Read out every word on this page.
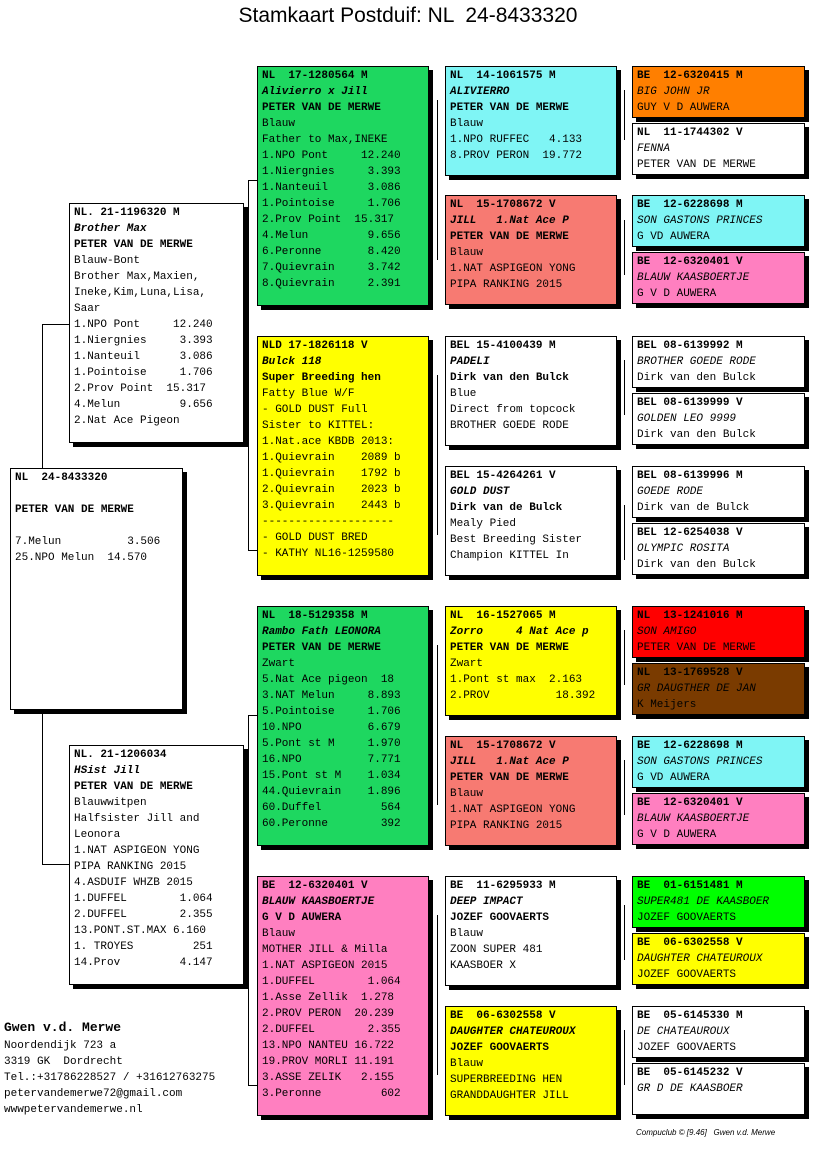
Stamkaart Postduif: NL  24-8433320
NL  24-8433320
PETER VAN DE MERWE
7.Melun          3.506
25.NPO Melun  14.570
NL. 21-1196320 M
Brother Max
PETER VAN DE MERWE
Blauw-Bont
Brother Max,Maxien,
Ineke,Kim,Luna,Lisa,
Saar
1.NPO Pont     12.240
1.Niergnies     3.393
1.Nanteuil      3.086
1.Pointoise     1.706
2.Prov Point  15.317
4.Melun         9.656
2.Nat Ace Pigeon
NL. 21-1206034
HSist Jill
PETER VAN DE MERWE
Blauwwitpen
Halfsister Jill and
Leonora
1.NAT ASPIGEON YONG
PIPA RANKING 2015
4.ASDUIF WHZB 2015
1.DUFFEL        1.064
2.DUFFEL        2.355
13.PONT.ST.MAX 6.160
1. TROYES         251
14.Prov         4.147
NL  17-1280564 M
Alivierro x Jill
PETER VAN DE MERWE
Blauw
Father to Max,INEKE
1.NPO Pont     12.240
1.Niergnies     3.393
1.Nanteuil      3.086
1.Pointoise     1.706
2.Prov Point  15.317
4.Melun         9.656
6.Peronne       8.420
7.Quievrain     3.742
8.Quievrain     2.391
NLD 17-1826118 V
Bulck 118
Super Breeding hen
Fatty Blue W/F
- GOLD DUST Full
Sister to KITTEL:
1.Nat.ace KBDB 2013:
1.Quievrain    2089 b
1.Quievrain    1792 b
2.Quievrain    2023 b
3.Quievrain    2443 b
--------------------
- GOLD DUST BRED
- KATHY NL16-1259580
NL  18-5129358 M
Rambo Fath LEONORA
PETER VAN DE MERWE
Zwart
5.Nat Ace pigeon  18
3.NAT Melun     8.893
5.Pointoise     1.706
10.NPO          6.679
5.Pont st M     1.970
16.NPO          7.771
15.Pont st M    1.034
44.Quievrain    1.896
60.Duffel         564
60.Peronne        392
BE  12-6320401 V
BLAUW KAASBOERTJE
G V D AUWERA
Blauw
MOTHER JILL & Milla
1.NAT ASPIGEON 2015
1.DUFFEL        1.064
1.Asse Zellik  1.278
2.PROV PERON  20.239
2.DUFFEL        2.355
13.NPO NANTEU 16.722
19.PROV MORLI 11.191
3.ASSE ZELIK   2.155
3.Peronne         602
NL  14-1061575 M
ALIVIERRO
PETER VAN DE MERWE
Blauw
1.NPO RUFFEC   4.133
8.PROV PERON  19.772
NL  15-1708672 V
JILL   1.Nat Ace P
PETER VAN DE MERWE
Blauw
1.NAT ASPIGEON YONG
PIPA RANKING 2015
BEL 15-4100439 M
PADELI
Dirk van den Bulck
Blue
Direct from topcock
BROTHER GOEDE RODE
BEL 15-4264261 V
GOLD DUST
Dirk van de Bulck
Mealy Pied
Best Breeding Sister
Champion KITTEL In
NL  16-1527065 M
Zorro     4 Nat Ace p
PETER VAN DE MERWE
Zwart
1.Pont st max  2.163
2.PROV          18.392
NL  15-1708672 V
JILL   1.Nat Ace P
PETER VAN DE MERWE
Blauw
1.NAT ASPIGEON YONG
PIPA RANKING 2015
BE  11-6295933 M
DEEP IMPACT
JOZEF GOOVAERTS
Blauw
ZOON SUPER 481
KAASBOER X
BE  06-6302558 V
DAUGHTER CHATEUROUX
JOZEF GOOVAERTS
Blauw
SUPERBREEDING HEN
GRANDDAUGHTER JILL
BE  12-6320415 M
BIG JOHN JR
GUY V D AUWERA
NL  11-1744302 V
FENNA
PETER VAN DE MERWE
BE  12-6228698 M
SON GASTONS PRINCES
G VD AUWERA
BE  12-6320401 V
BLAUW KAASBOERTJE
G V D AUWERA
BEL 08-6139992 M
BROTHER GOEDE RODE
Dirk van den Bulck
BEL 08-6139999 V
GOLDEN LEO 9999
Dirk van den Bulck
BEL 08-6139996 M
GOEDE RODE
Dirk van de Bulck
BEL 12-6254038 V
OLYMPIC ROSITA
Dirk van den Bulck
NL  13-1241016 M
SON AMIGO
PETER VAN DE MERWE
NL  13-1769528 V
GR DAUGTHER DE JAN
K Meijers
BE  12-6228698 M
SON GASTONS PRINCES
G VD AUWERA
BE  12-6320401 V
BLAUW KAASBOERTJE
G V D AUWERA
BE  01-6151481 M
SUPER481 DE KAASBOER
JOZEF GOOVAERTS
BE  06-6302558 V
DAUGHTER CHATEUROUX
JOZEF GOOVAERTS
BE  05-6145330 M
DE CHATEAUROUX
JOZEF GOOVAERTS
BE  05-6145232 V
GR D DE KAASBOER
Gwen v.d. Merwe
Noordendijk 723 a
3319 GK  Dordrecht
Tel.:+31786228527 / +31612763275
petervandemerwe72@gmail.com
wwwpetervandemerwe.nl
Compuclub © [9.46]   Gwen v.d. Merwe
